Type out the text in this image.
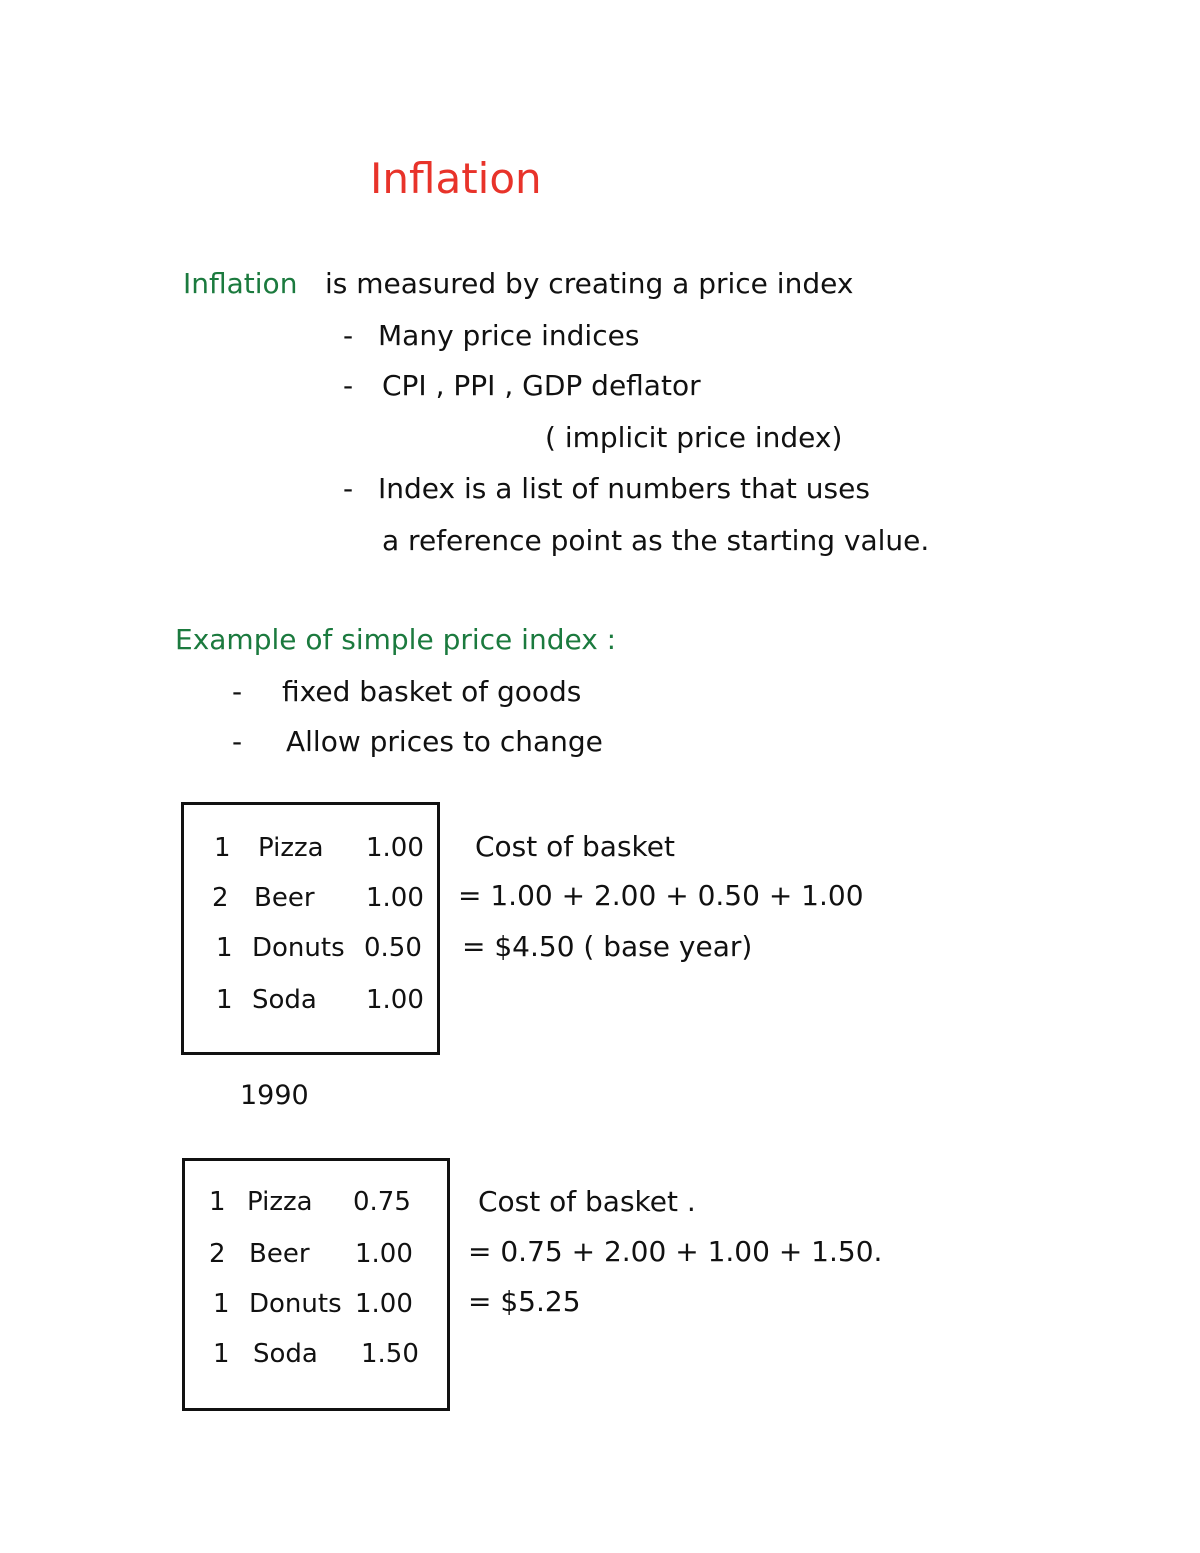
Inflation
Inflation is measured by creating a price index
- Many price indices
- CPI , PPI , GDP deflator
( implicit price index)
- Index is a list of numbers that uses
a reference point as the starting value.
Example of simple price index :
- fixed basket of goods
- Allow prices to change
1 Pizza 1.00
2 Beer 1.00
1 Donuts 0.50
1 Soda 1.00
Cost of basket
= 1.00 + 2.00 + 0.50 + 1.00
= $4.50 ( base year)
1990
1 Pizza 0.75
2 Beer 1.00
1 Donuts 1.00
1 Soda 1.50
Cost of basket .
= 0.75 + 2.00 + 1.00 + 1.50.
= $5.25
